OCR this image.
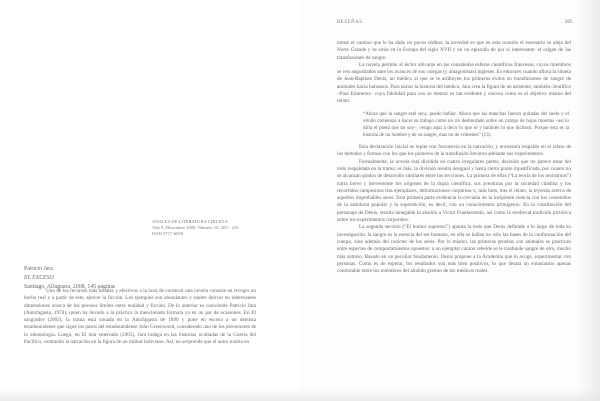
ANALES DE LITERATURA CHILENA
Año 9, Diciembre 2008, Número 10, 203 - 216
ISSN 0717-6058
Patricio Jara
EL EXCESO
Santiago, Alfaguara, 2008, 145 páginas

Uno de los recursos más usuales y efectivos a la hora de construir una novela consiste en recoger un hecho real y a partir de éste, ejercer la ficción. Los ejemplos son abundantes y suelen derivar en interesantes dimensiones acerca de los porosos límites entre realidad y ficción. De lo anterior es consciente Patricio Jara (Antofagasta, 1974), quien ha llevado a la práctica la mencionada fórmula ya en un par de ocasiones. En El sangrador (2002), la trama está situada en la Antofagasta de 1890 y pone en escena a un dentista estadounidense que sigue los pasos del estadounidense John Greenwood, considerado uno de los precursores de la odontología. Luego, en El mar enterrado (2005), Jara indaga en las historias ocultadas de la Guerra del Pacífico, centrando la narración en la figura de un militar boliviano. Así, no sorprende que el autor insista en

RESEÑAS	205

tomar el camino que le ha dado no pocos réditos; la novedad es que en esta ocasión el escenario se aleja del Norte Grande y se sitúa en la Europa del siglo XVII y en un episodio de por sí interesante: el origen de las transfusiones de sangre.

La novela permite al lector ubicarse en las consabidas esferas científicas francesas, cuyos miembros se ven angustiados ante los avances de sus colegas (y antagonistas) ingleses. Es entonces cuando aflora la silueta de Jean-Baptiste Denis, un médico al que se le atribuyen los primeros éxitos en transfusiones de sangre de animales hacia humanos. Para narrar la historia del médico, Jara crea la figura de un asistente, también científico –Paul Emmerez– cuya fidelidad para con su mentor es tan evidente y sincera como es el objetivo mismo del relato:

“Ahora que la sangre está seca, puedo hablar. Ahora que las manchas fueron quitadas del suelo y el olvido comienza a hacer su trabajo como un río desbordado sobre un campo de hojas muertas –así lo diría el poeta que no soy–, vengo aquí a decir lo que sé y también lo que hicimos. Porque esta es la historia de un hombre y de su sangre, mas no de crímenes” (13).

Esta declaración inicial se repite con frecuencia en la narración, y encuentra respaldo en el relato de los métodos y formas con los que los pioneros de la transfusión llevaron adelante sus experimentos.

Formalmente, la novela está dividida en cuatro irregulares partes, decisión que no parece estar del todo respaldada en la trama; es más, la división resulta desigual y hasta cierto punto injustificada, por cuanto no se alcanzan grados de desarrollo similares entre las secciones. La primera de ellas (“La teoría de los monstruos”) narra breve y brevemente los orígenes de la dupla científica, sus aventuras por la sociedad citadina y los recorridos campesinos tras ejemplares, deformaciones corpóreas o, más bien, tras el relato, la leyenda acerca de aquellos improbables seres. Esta primera parte evidencia la cercanía de la incipiente ciencia con los contenidos de la sabiduría popular y la superstición, es decir, con un conocimiento primigenio. En la constitución del personaje de Denis, resulta innegable la alusión a Victor Frankenstein, así como la medieval tradición pictórica sobre los experimentos corporales.

La segunda sección (“El humor supremo”) apunta la tesis que Denis defiende a lo largo de toda su investigación: la sangre es la esencia del ser humano, en ella se hallan no sólo las bases de la conformación del cuerpo, sino además del carácter de los seres. Por lo mismo, las primeras pruebas con animales se practican entre especies de comportamientos opuestos: a un ejemplar canino rebelde se le trasfunde sangre de otro, mucho más sumiso. Basado en un peculiar fundamento, Denis propone a la Academia que lo acoge, experimentar con personas. Como es de esperar, los resultados son más bien positivos, lo que desata un entusiasmo apenas controlable entre los miembros del aludido gremio de los médicos reales.
